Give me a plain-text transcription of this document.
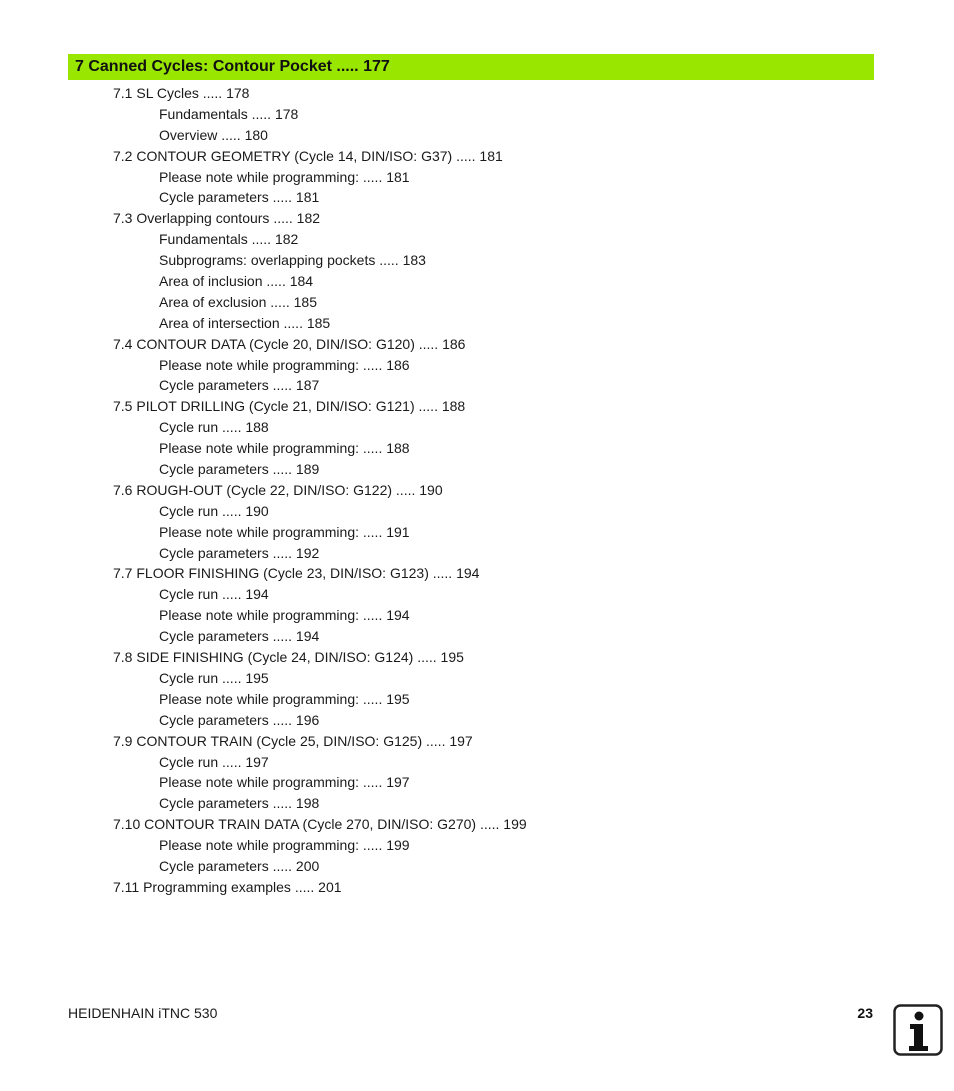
7 Canned Cycles: Contour Pocket ..... 177
7.1 SL Cycles ..... 178
Fundamentals ..... 178
Overview ..... 180
7.2 CONTOUR GEOMETRY (Cycle 14, DIN/ISO: G37) ..... 181
Please note while programming: ..... 181
Cycle parameters ..... 181
7.3 Overlapping contours ..... 182
Fundamentals ..... 182
Subprograms: overlapping pockets ..... 183
Area of inclusion ..... 184
Area of exclusion ..... 185
Area of intersection ..... 185
7.4 CONTOUR DATA (Cycle 20, DIN/ISO: G120) ..... 186
Please note while programming: ..... 186
Cycle parameters ..... 187
7.5 PILOT DRILLING (Cycle 21, DIN/ISO: G121) ..... 188
Cycle run ..... 188
Please note while programming: ..... 188
Cycle parameters ..... 189
7.6 ROUGH-OUT (Cycle 22, DIN/ISO: G122) ..... 190
Cycle run ..... 190
Please note while programming: ..... 191
Cycle parameters ..... 192
7.7 FLOOR FINISHING (Cycle 23, DIN/ISO: G123) ..... 194
Cycle run ..... 194
Please note while programming: ..... 194
Cycle parameters ..... 194
7.8 SIDE FINISHING (Cycle 24, DIN/ISO: G124) ..... 195
Cycle run ..... 195
Please note while programming: ..... 195
Cycle parameters ..... 196
7.9 CONTOUR TRAIN (Cycle 25, DIN/ISO: G125) ..... 197
Cycle run ..... 197
Please note while programming: ..... 197
Cycle parameters ..... 198
7.10 CONTOUR TRAIN DATA (Cycle 270, DIN/ISO: G270) ..... 199
Please note while programming: ..... 199
Cycle parameters ..... 200
7.11 Programming examples ..... 201
HEIDENHAIN iTNC 530	23
